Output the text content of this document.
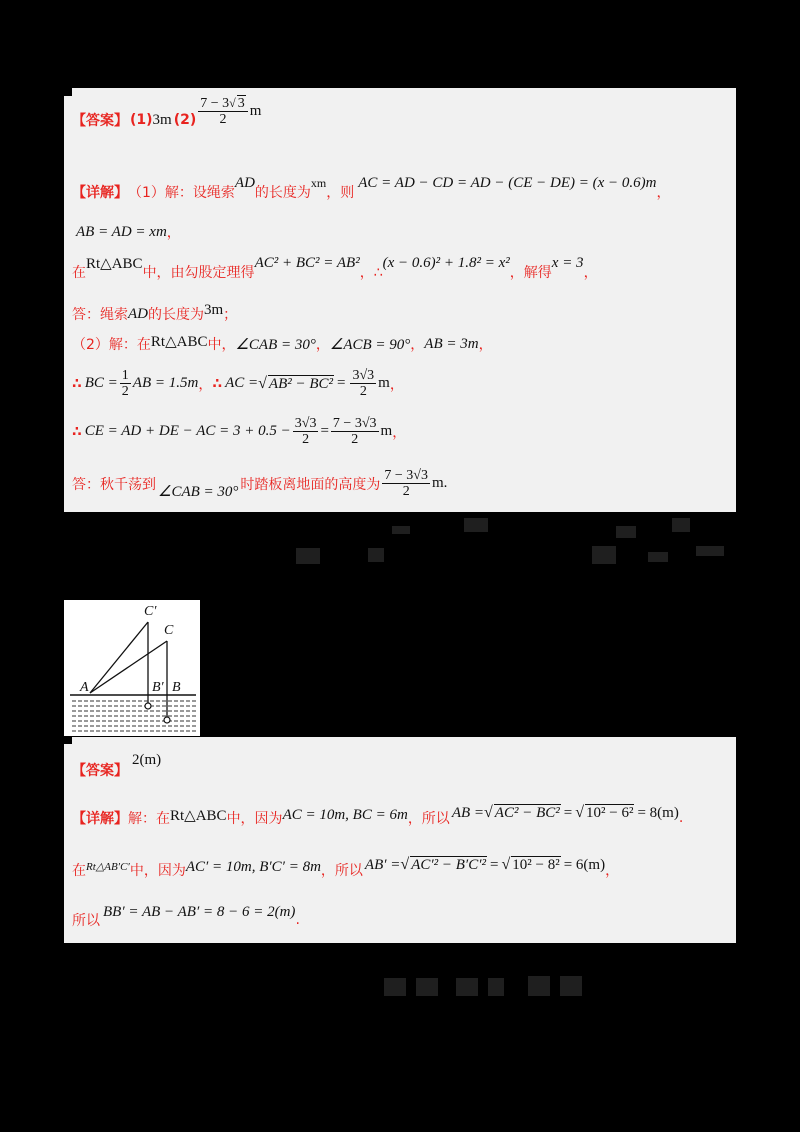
【答案】 (1) 3m $(2) \frac{7 - 3√ 3}{2}$ m
【详解】 （1）解：设绳索
AD
的长度为
xm
，则
AC = AD − CD = AD − (CE − DE) = (x − 0.6)m
，
AB = AD = xm ，
在
Rt△ABC
中，由勾股定理得
AC² + BC² = AB²
，∴
(x − 0.6)² + 1.8² = x²
，解得
x = 3
，
答：绳索 AD 的长度为 3m ；
（2）解：在 Rt△ABC 中， ∠CAB = 30° ， ∠ACB = 90° ， AB = 3m ，
∴ BC = $\frac{1}{2}$ AB = 1.5m ， ∴ AC = √ $AB^2 - BC^2 = \frac{3√3}{2}$ m ，
∴ CE = AD + DE − AC = $3 + 0.5 - \frac{3√3}{2} = \frac{7 - 3√3}{2}$ m ，
答：秋千荡到 ∠CAB = 30° 时踏板离地面的高度为 $\frac{7 - 3√3}{2}$ m .
C′
C
A	B′ B
【答案】
2(m)
【详解】 解：在 Rt△ABC 中，因为 AC = 10m, BC = 6m ，所以 AB = √ AC² − BC² = √ 10² − 6² = 8(m) .
在 Rt△AB′C′ 中，因为 AC′ = 10m, B′C′ = 8m ，所以 AB′ = √ AC′² − B′C′² = √ 10² − 8² = 6(m) ，
所以
BB′ = AB − AB′ = 8 − 6 = 2(m)
.
